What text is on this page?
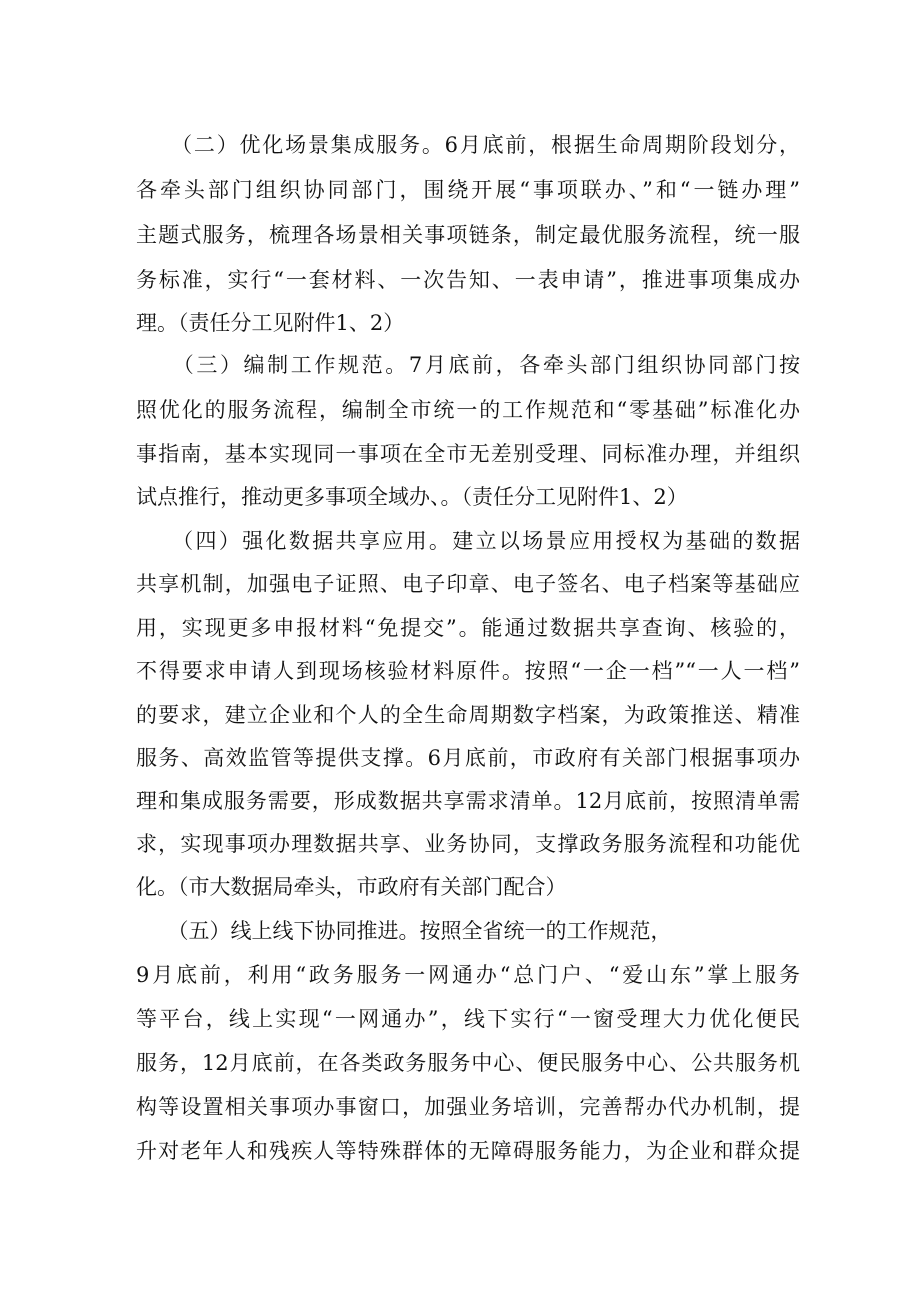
　　（二）优化场景集成服务。6月底前，根据生命周期阶段划分，
各牵头部门组织协同部门，围绕开展“事项联办、”和“一链办理”
主题式服务，梳理各场景相关事项链条，制定最优服务流程，统一服
务标准，实行“一套材料、一次告知、一表申请”，推进事项集成办
理。（责任分工见附件1、2）
　　（三）编制工作规范。7月底前，各牵头部门组织协同部门按
照优化的服务流程，编制全市统一的工作规范和“零基础”标准化办
事指南，基本实现同一事项在全市无差别受理、同标准办理，并组织
试点推行，推动更多事项全域办、。（责任分工见附件1、2）
　　（四）强化数据共享应用。建立以场景应用授权为基础的数据
共享机制，加强电子证照、电子印章、电子签名、电子档案等基础应
用，实现更多申报材料“免提交”。能通过数据共享查询、核验的，
不得要求申请人到现场核验材料原件。按照“一企一档”“一人一档”
的要求，建立企业和个人的全生命周期数字档案，为政策推送、精准
服务、高效监管等提供支撑。6月底前，市政府有关部门根据事项办
理和集成服务需要，形成数据共享需求清单。12月底前，按照清单需
求，实现事项办理数据共享、业务协同，支撑政务服务流程和功能优
化。（市大数据局牵头，市政府有关部门配合）
　　（五）线上线下协同推进。按照全省统一的工作规范，
9月底前，利用“政务服务一网通办“总门户、“爱山东”掌上服务
等平台，线上实现“一网通办”，线下实行“一窗受理大力优化便民
服务，12月底前，在各类政务服务中心、便民服务中心、公共服务机
构等设置相关事项办事窗口，加强业务培训，完善帮办代办机制，提
升对老年人和残疾人等特殊群体的无障碍服务能力，为企业和群众提
